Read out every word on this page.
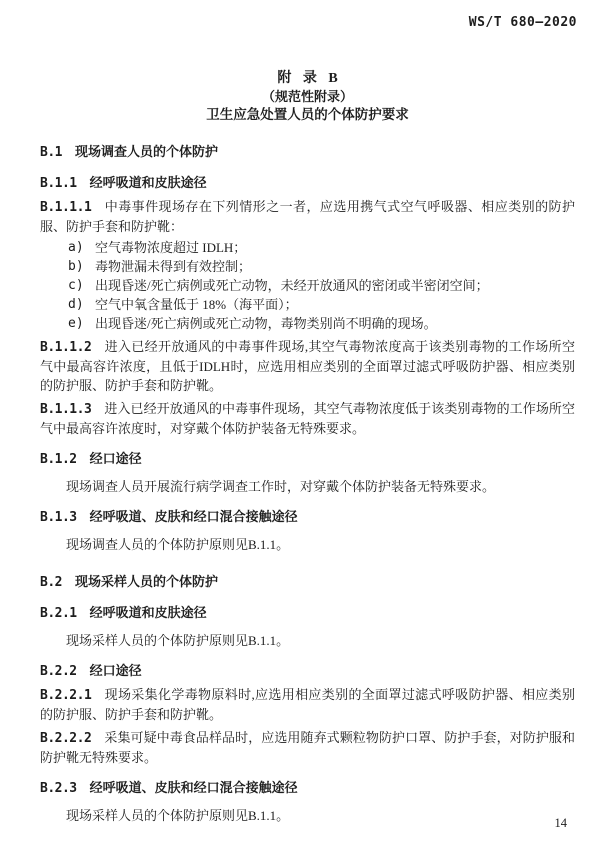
WS/T 680—2020
附 录 B
（规范性附录）
卫生应急处置人员的个体防护要求

B.1 现场调查人员的个体防护

B.1.1 经呼吸道和皮肤途径

B.1.1.1 中毒事件现场存在下列情形之一者，应选用携气式空气呼吸器、相应类别的防护服、防护手套和防护靴：

a) 空气毒物浓度超过 IDLH；
b) 毒物泄漏未得到有效控制；
c) 出现昏迷/死亡病例或死亡动物，未经开放通风的密闭或半密闭空间；
d) 空气中氧含量低于 18%（海平面）；
e) 出现昏迷/死亡病例或死亡动物，毒物类别尚不明确的现场。

B.1.1.2 进入已经开放通风的中毒事件现场,其空气毒物浓度高于该类别毒物的工作场所空气中最高容许浓度，且低于IDLH时，应选用相应类别的全面罩过滤式呼吸防护器、相应类别的防护服、防护手套和防护靴。

B.1.1.3 进入已经开放通风的中毒事件现场，其空气毒物浓度低于该类别毒物的工作场所空气中最高容许浓度时，对穿戴个体防护装备无特殊要求。

B.1.2 经口途径

现场调查人员开展流行病学调查工作时，对穿戴个体防护装备无特殊要求。

B.1.3 经呼吸道、皮肤和经口混合接触途径

现场调查人员的个体防护原则见B.1.1。

B.2 现场采样人员的个体防护

B.2.1 经呼吸道和皮肤途径

现场采样人员的个体防护原则见B.1.1。

B.2.2 经口途径

B.2.2.1 现场采集化学毒物原料时,应选用相应类别的全面罩过滤式呼吸防护器、相应类别的防护服、防护手套和防护靴。

B.2.2.2 采集可疑中毒食品样品时，应选用随弃式颗粒物防护口罩、防护手套，对防护服和防护靴无特殊要求。

B.2.3 经呼吸道、皮肤和经口混合接触途径

现场采样人员的个体防护原则见B.1.1。	14
